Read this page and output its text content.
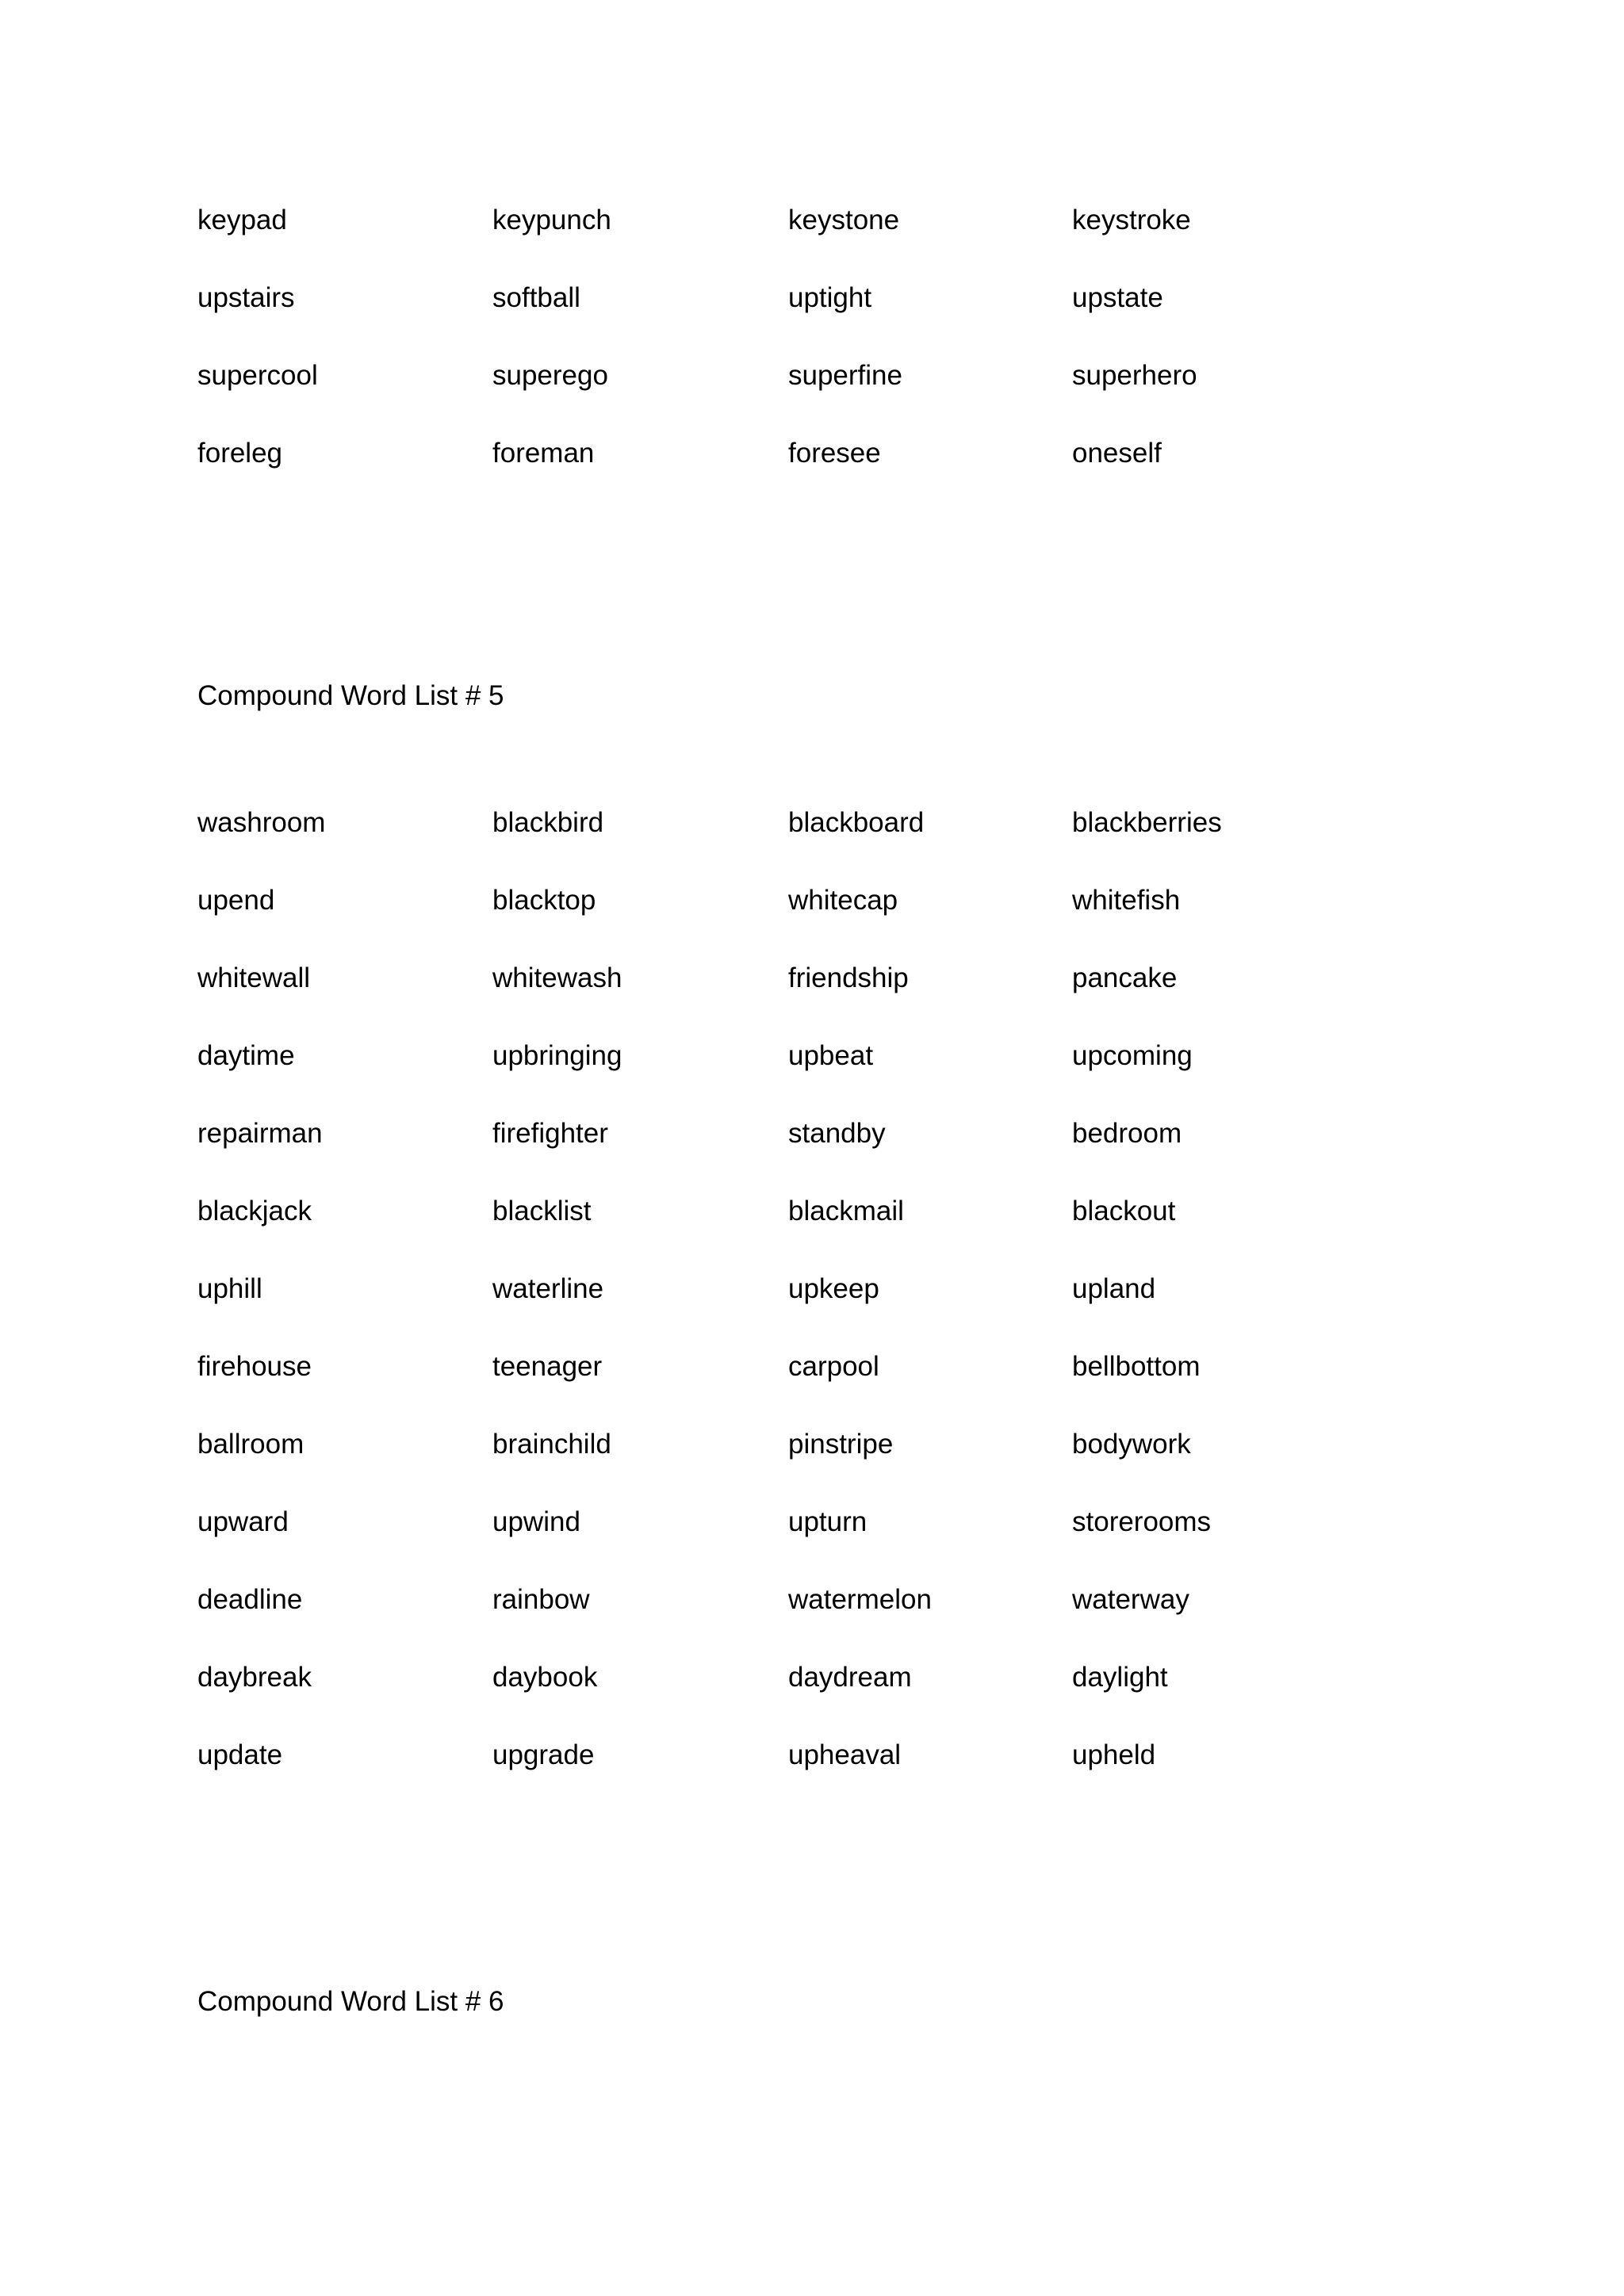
keypad	keypunch	keystone	keystroke
upstairs	softball	uptight	upstate
supercool	superego	superfine	superhero
foreleg	foreman	foresee	oneself
Compound Word List # 5
washroom	blackbird	blackboard	blackberries
upend	blacktop	whitecap	whitefish
whitewall	whitewash	friendship	pancake
daytime	upbringing	upbeat	upcoming
repairman	firefighter	standby	bedroom
blackjack	blacklist	blackmail	blackout
uphill	waterline	upkeep	upland
firehouse	teenager	carpool	bellbottom
ballroom	brainchild	pinstripe	bodywork
upward	upwind	upturn	storerooms
deadline	rainbow	watermelon	waterway
daybreak	daybook	daydream	daylight
update	upgrade	upheaval	upheld
Compound Word List # 6
